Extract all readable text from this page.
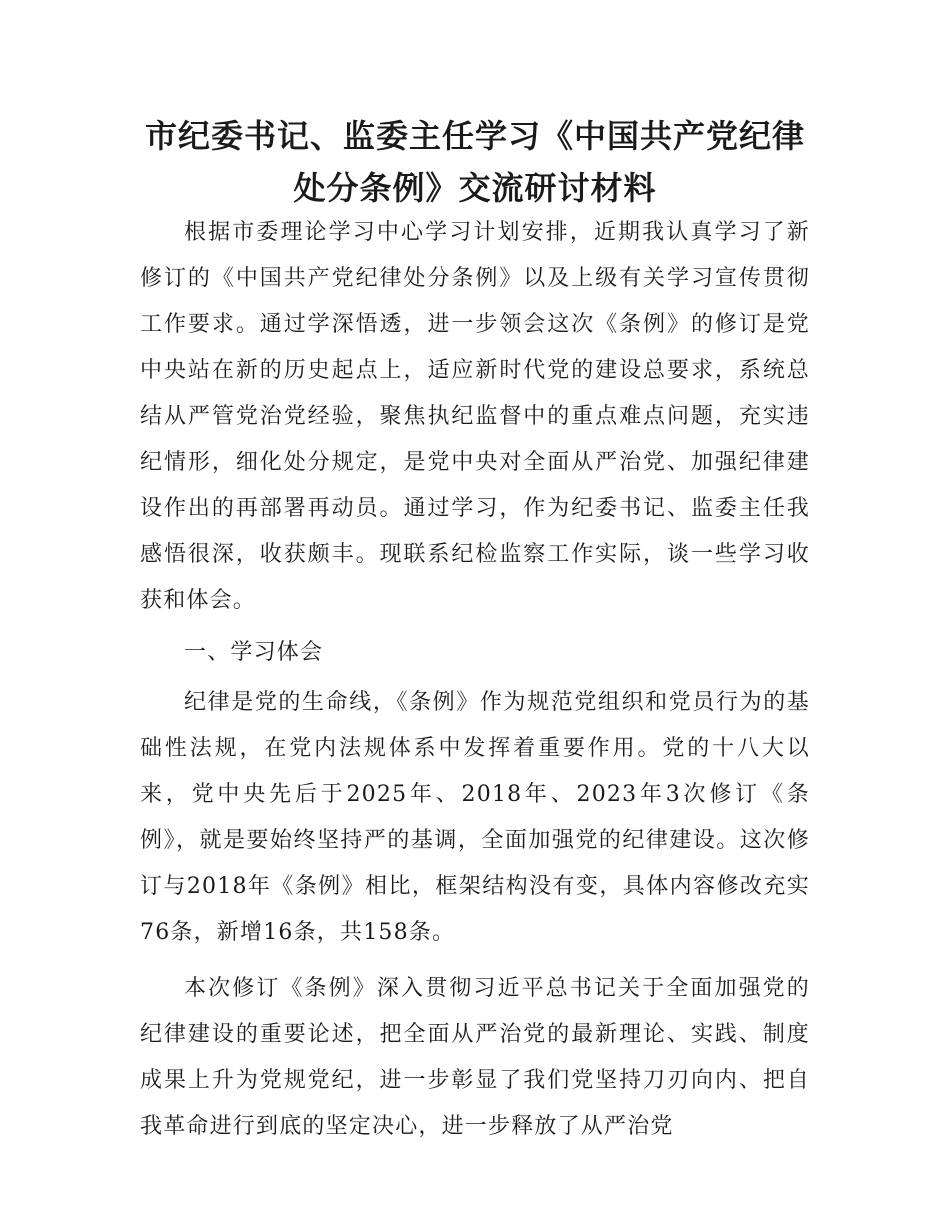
市纪委书记、监委主任学习《中国共产党纪律处分条例》交流研讨材料

根据市委理论学习中心学习计划安排，近期我认真学习了新修订的《中国共产党纪律处分条例》以及上级有关学习宣传贯彻工作要求。通过学深悟透，进一步领会这次《条例》的修订是党中央站在新的历史起点上，适应新时代党的建设总要求，系统总结从严管党治党经验，聚焦执纪监督中的重点难点问题，充实违纪情形，细化处分规定，是党中央对全面从严治党、加强纪律建设作出的再部署再动员。通过学习，作为纪委书记、监委主任我感悟很深，收获颇丰。现联系纪检监察工作实际，谈一些学习收获和体会。

一、学习体会

纪律是党的生命线，《条例》作为规范党组织和党员行为的基础性法规，在党内法规体系中发挥着重要作用。党的十八大以来，党中央先后于2025年、2018年、2023年3次修订《条例》，就是要始终坚持严的基调，全面加强党的纪律建设。这次修订与2018年《条例》相比，框架结构没有变，具体内容修改充实76条，新增16条，共158条。

本次修订《条例》深入贯彻习近平总书记关于全面加强党的纪律建设的重要论述，把全面从严治党的最新理论、实践、制度成果上升为党规党纪，进一步彰显了我们党坚持刀刃向内、把自我革命进行到底的坚定决心，进一步释放了从严治党
